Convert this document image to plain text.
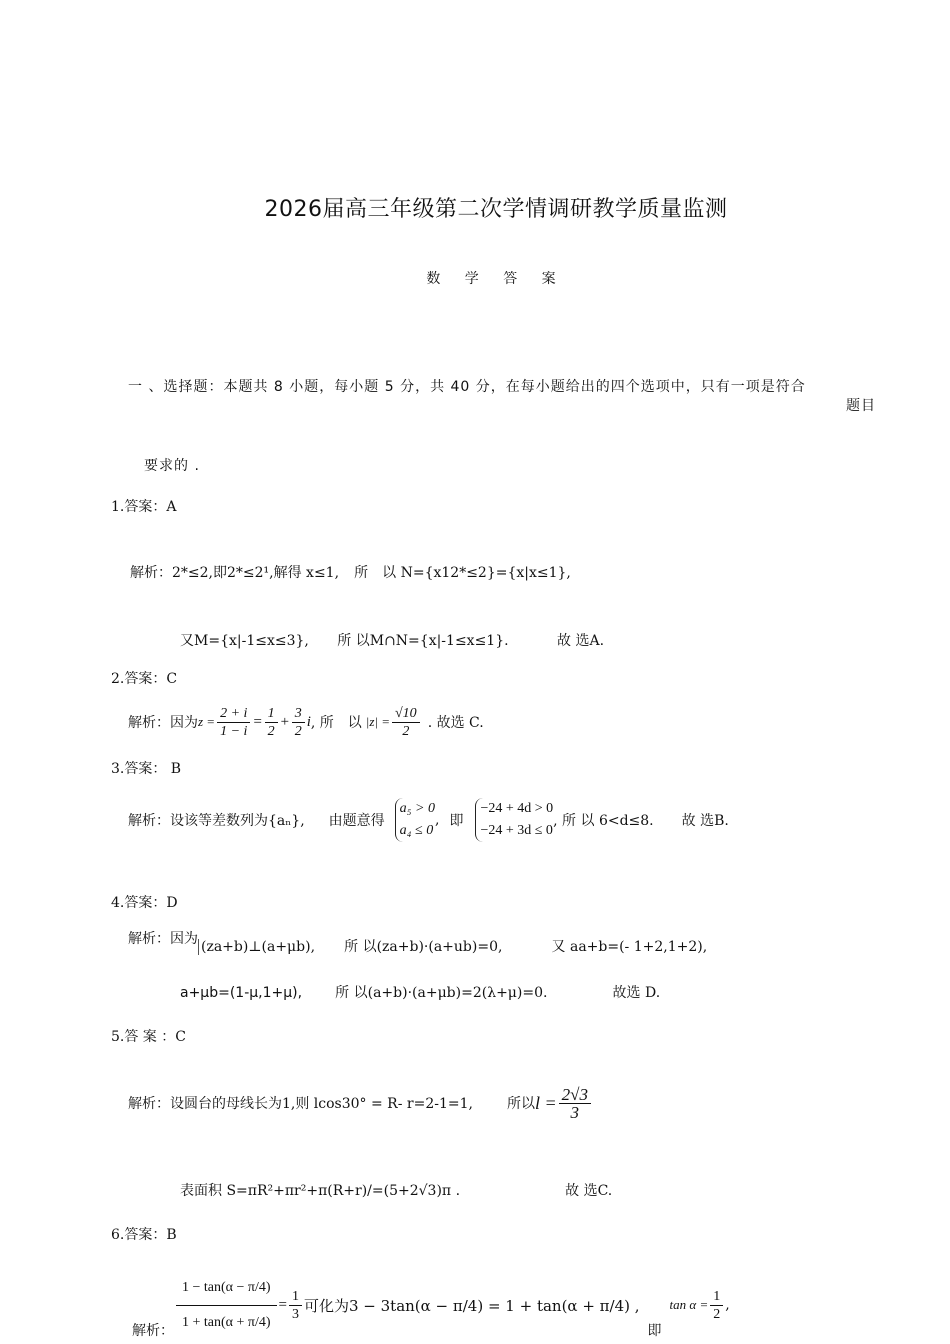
2026届高三年级第二次学情调研教学质量监测
数 学 答 案
一 、选择题：本题共 8 小题，每小题 5 分，共 40 分，在每小题给出的四个选项中，只有一项是符合
题目
要求的 .
1.答案：A
解析：2*≤2,即2*≤2¹,解得 x≤1, 所　以 N={x12*≤2}={x|x≤1},
又M={x|-1≤x≤3}, 所 以M∩N={x|-1≤x≤1}.	故 选A.
2.答案：C
解析：因为 $z = \frac{2 + i}{1 - i} = \frac{1}{2} + \frac{3}{2}$ i , 所　以 $|z| = \frac{√10}{2}$ . 故选 C.
3.答案： B
解析：设该等差数列为{aₙ}, 由题意得
a₅ > 0
a₄ ≤ 0
, 即
−24 + 4d > 0
−24 + 3d ≤ 0
, 所 以 6<d≤8. 故 选B.
4.答案：D
解析：因为 (za+b)⊥(a+μb), 所 以(za+b)·(a+ub)=0,	又 aa+b=(- 1+2,1+2),
a+μb=(1-μ,1+μ), 所 以(a+b)·(a+μb)=2(λ+μ)=0.	故选 D.
5.答 案 ：C
解析： 设圆台的母线长为1,则 lcos30° = R- r=2-1=1, 所以 $l = \frac{2√3}{3}$
表面积 S=πR²+πr²+π(R+r)/=(5+2√3)π .	故 选C.
6.答案：B
解析： $\frac{1 - \tan(\alpha - \pi/4)}{1 + \tan(\alpha + \pi/4)} = \frac{1}{3}$ 可化为3 − 3tan(α − π/4) = 1 + tan(α + π/4) ,
即
$\tan \alpha = \frac{1}{2}$ ,
